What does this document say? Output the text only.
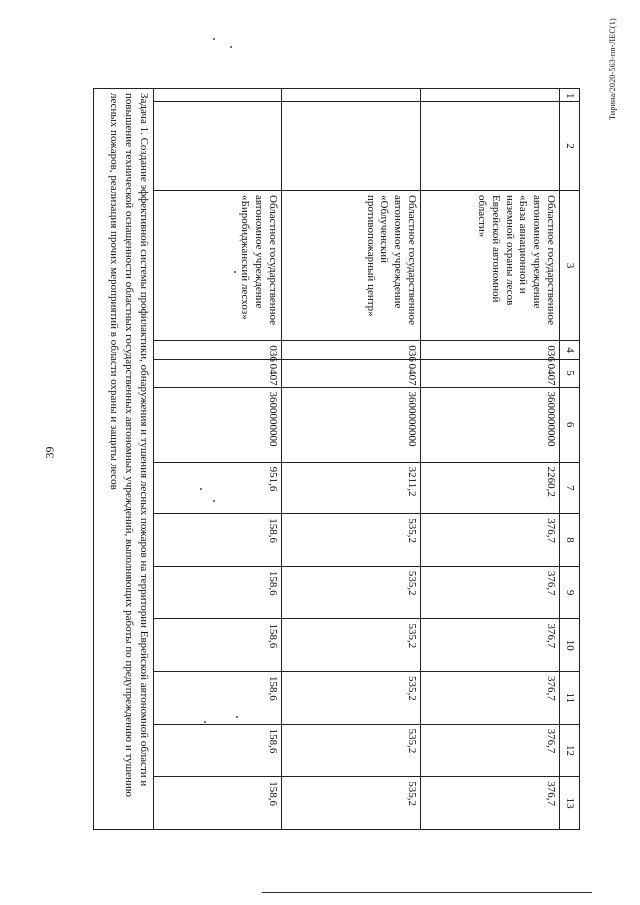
39
Тирина/2020-563-пп-ЛЕС(1)
1	2	3	4	5	6	7	8	9	10	11	12	13
		Областное государственное автономное учреждение «База авиационной и наземной охраны лесов Еврейской автономной области»	036	0407	3600000000	2260,2	376,7	376,7	376,7	376,7	376,7	376,7
		Областное государственное автономное учреждение «Облученский противопожарный центр»	036	0407	3600000000	3211,2	535,2	535,2	535,2	535,2	535,2	535,2
		Областное государственное автономное учреждение «Биробиджанский лесхоз»	036	0407	3600000000	951,6	158,6	158,6	158,6	158,6	158,6	158,6
Задача 1. Создание эффективной системы профилактики, обнаружения и тушения лесных пожаров на территории Еврейской автономной области и повышение технической оснащенности областных государственных автономных учреждений, выполняющих работы по предупреждению и тушению лесных пожаров, реализация прочих мероприятий в области охраны и защиты лесов												
